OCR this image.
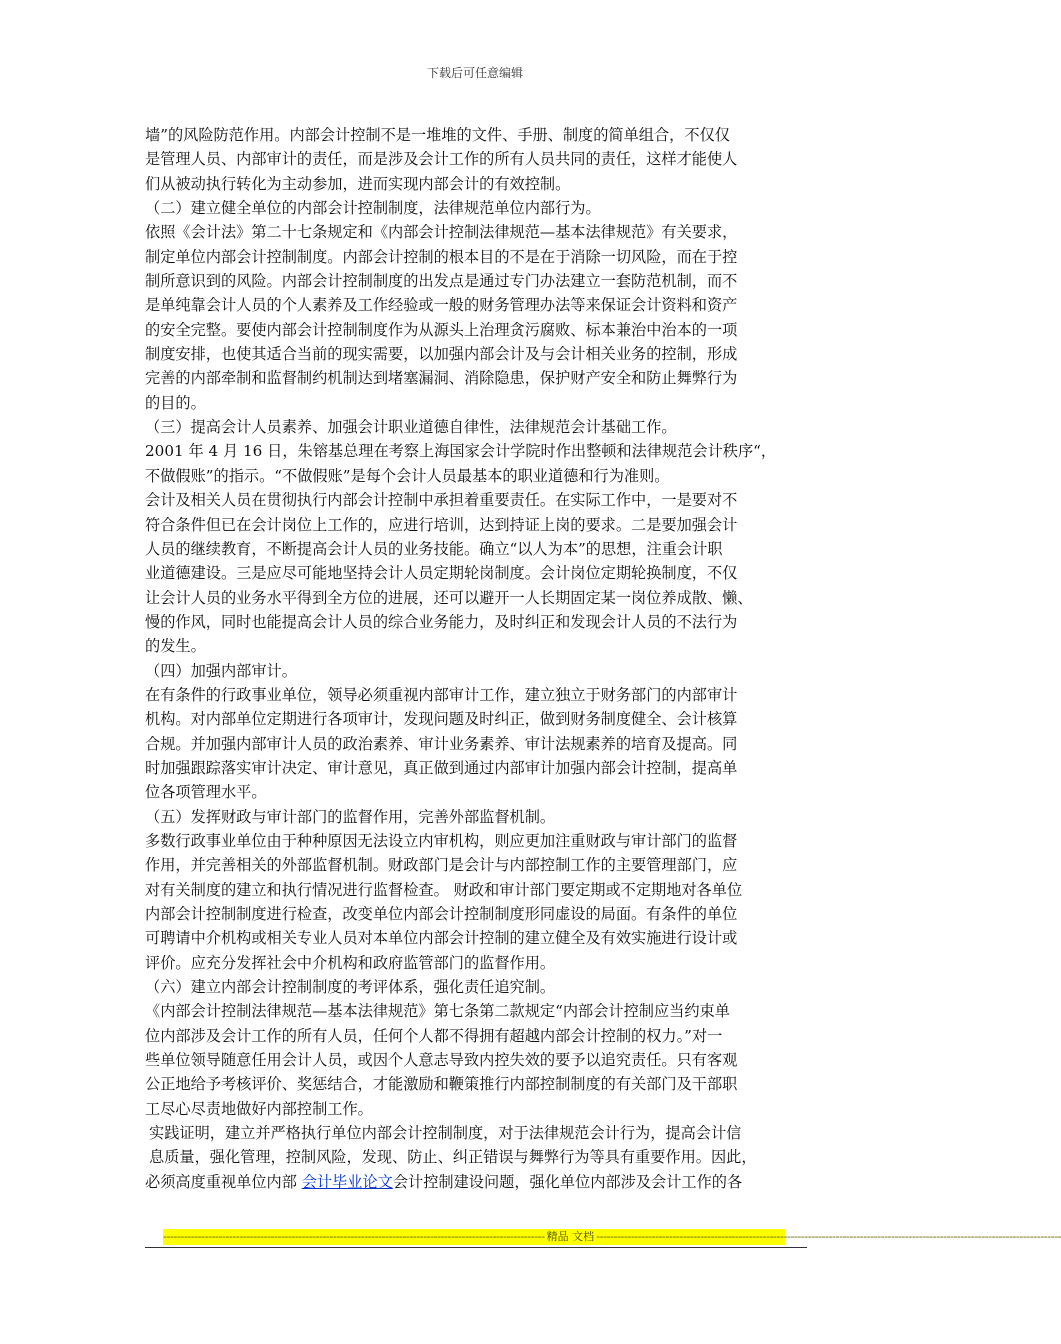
下载后可任意编辑
墙”的风险防范作用。内部会计控制不是一堆堆的文件、手册、制度的简单组合，不仅仅
是管理人员、内部审计的责任，而是涉及会计工作的所有人员共同的责任，这样才能使人
们从被动执行转化为主动参加，进而实现内部会计的有效控制。
（二）建立健全单位的内部会计控制制度，法律规范单位内部行为。
依照《会计法》第二十七条规定和《内部会计控制法律规范—基本法律规范》有关要求，
制定单位内部会计控制制度。内部会计控制的根本目的不是在于消除一切风险，而在于控
制所意识到的风险。内部会计控制制度的出发点是通过专门办法建立一套防范机制，而不
是单纯靠会计人员的个人素养及工作经验或一般的财务管理办法等来保证会计资料和资产
的安全完整。要使内部会计控制制度作为从源头上治理贪污腐败、标本兼治中治本的一项
制度安排，也使其适合当前的现实需要，以加强内部会计及与会计相关业务的控制，形成
完善的内部牵制和监督制约机制达到堵塞漏洞、消除隐患，保护财产安全和防止舞弊行为
的目的。
（三）提高会计人员素养、加强会计职业道德自律性，法律规范会计基础工作。
2001 年 4 月 16 日，朱镕基总理在考察上海国家会计学院时作出整顿和法律规范会计秩序“，
不做假账”的指示。“不做假账”是每个会计人员最基本的职业道德和行为准则。
会计及相关人员在贯彻执行内部会计控制中承担着重要责任。在实际工作中，一是要对不
符合条件但已在会计岗位上工作的，应进行培训，达到持证上岗的要求。二是要加强会计
人员的继续教育，不断提高会计人员的业务技能。确立“以人为本”的思想，注重会计职
业道德建设。三是应尽可能地坚持会计人员定期轮岗制度。会计岗位定期轮换制度，不仅
让会计人员的业务水平得到全方位的进展，还可以避开一人长期固定某一岗位养成散、懒、
慢的作风，同时也能提高会计人员的综合业务能力，及时纠正和发现会计人员的不法行为
的发生。
（四）加强内部审计。
在有条件的行政事业单位，领导必须重视内部审计工作，建立独立于财务部门的内部审计
机构。对内部单位定期进行各项审计，发现问题及时纠正，做到财务制度健全、会计核算
合规。并加强内部审计人员的政治素养、审计业务素养、审计法规素养的培育及提高。同
时加强跟踪落实审计决定、审计意见，真正做到通过内部审计加强内部会计控制，提高单
位各项管理水平。
（五）发挥财政与审计部门的监督作用，完善外部监督机制。
多数行政事业单位由于种种原因无法设立内审机构，则应更加注重财政与审计部门的监督
作用，并完善相关的外部监督机制。财政部门是会计与内部控制工作的主要管理部门，应
对有关制度的建立和执行情况进行监督检查。 财政和审计部门要定期或不定期地对各单位
内部会计控制制度进行检查，改变单位内部会计控制制度形同虚设的局面。有条件的单位
可聘请中介机构或相关专业人员对本单位内部会计控制的建立健全及有效实施进行设计或
评价。应充分发挥社会中介机构和政府监管部门的监督作用。
（六）建立内部会计控制制度的考评体系，强化责任追究制。
《内部会计控制法律规范—基本法律规范》第七条第二款规定“内部会计控制应当约束单
位内部涉及会计工作的所有人员，任何个人都不得拥有超越内部会计控制的权力。”对一
些单位领导随意任用会计人员，或因个人意志导致内控失效的要予以追究责任。只有客观
公正地给予考核评价、奖惩结合，才能激励和鞭策推行内部控制制度的有关部门及干部职
工尽心尽责地做好内部控制工作。
实践证明，建立并严格执行单位内部会计控制制度，对于法律规范会计行为，提高会计信
息质量，强化管理，控制风险，发现、防止、纠正错误与舞弊行为等具有重要作用。因此，
必须高度重视单位内部 会计毕业论文会计控制建设问题，强化单位内部涉及会计工作的各
-------------------------------------------------------------------------------------------------------------- 精品 文档 --------------------------------------------------------------------------------------------------------------------------------------
